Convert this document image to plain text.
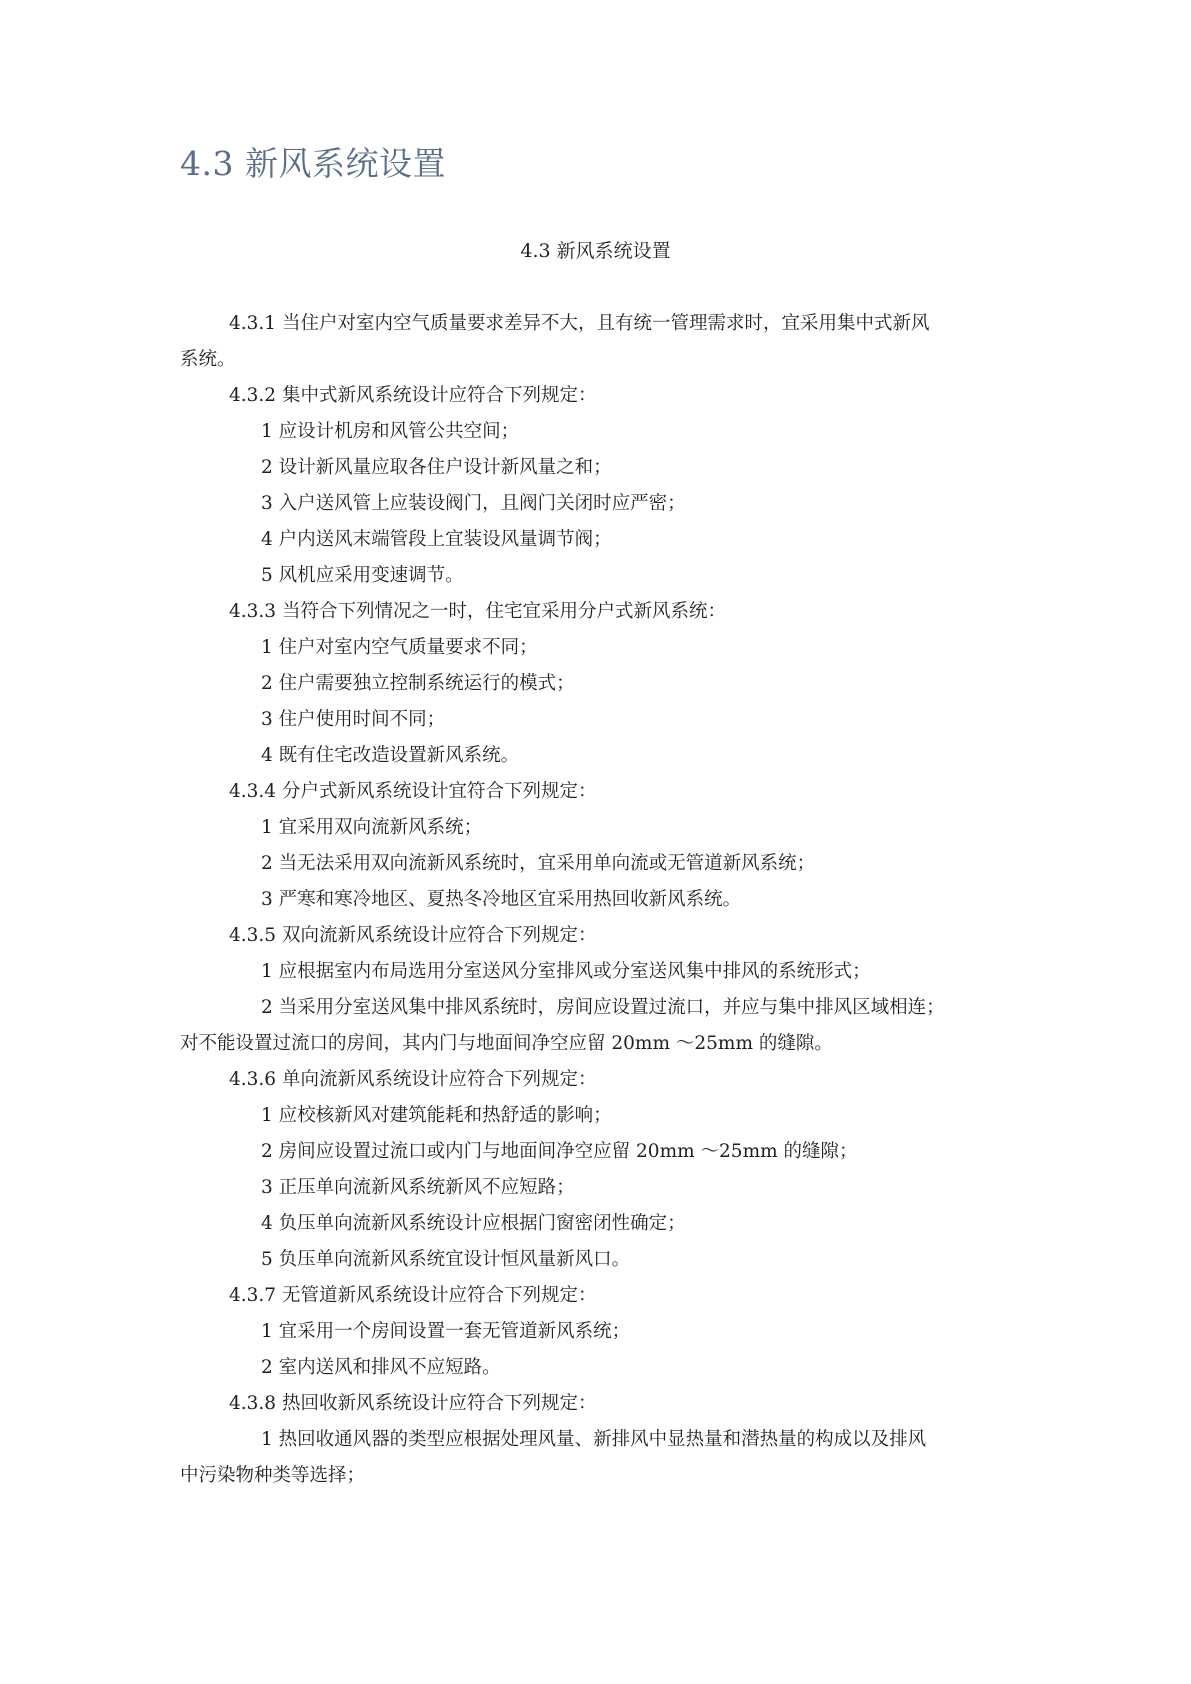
4.3 新风系统设置
4.3 新风系统设置

4.3.1 当住户对室内空气质量要求差异不大，且有统一管理需求时，宜采用集中式新风

系统。

4.3.2 集中式新风系统设计应符合下列规定：

1 应设计机房和风管公共空间；

2 设计新风量应取各住户设计新风量之和；

3 入户送风管上应装设阀门，且阀门关闭时应严密；

4 户内送风末端管段上宜装设风量调节阀；

5 风机应采用变速调节。

4.3.3 当符合下列情况之一时，住宅宜采用分户式新风系统：

1 住户对室内空气质量要求不同；

2 住户需要独立控制系统运行的模式；

3 住户使用时间不同；

4 既有住宅改造设置新风系统。

4.3.4 分户式新风系统设计宜符合下列规定：

1 宜采用双向流新风系统；

2 当无法采用双向流新风系统时，宜采用单向流或无管道新风系统；

3 严寒和寒冷地区、夏热冬冷地区宜采用热回收新风系统。

4.3.5 双向流新风系统设计应符合下列规定：

1 应根据室内布局选用分室送风分室排风或分室送风集中排风的系统形式；

2 当采用分室送风集中排风系统时，房间应设置过流口，并应与集中排风区域相连；

对不能设置过流口的房间，其内门与地面间净空应留 20mm ～25mm 的缝隙。

4.3.6 单向流新风系统设计应符合下列规定：

1 应校核新风对建筑能耗和热舒适的影响；

2 房间应设置过流口或内门与地面间净空应留 20mm ～25mm 的缝隙；

3 正压单向流新风系统新风不应短路；

4 负压单向流新风系统设计应根据门窗密闭性确定；

5 负压单向流新风系统宜设计恒风量新风口。

4.3.7 无管道新风系统设计应符合下列规定：

1 宜采用一个房间设置一套无管道新风系统；

2 室内送风和排风不应短路。

4.3.8 热回收新风系统设计应符合下列规定：

1 热回收通风器的类型应根据处理风量、新排风中显热量和潜热量的构成以及排风

中污染物种类等选择；
